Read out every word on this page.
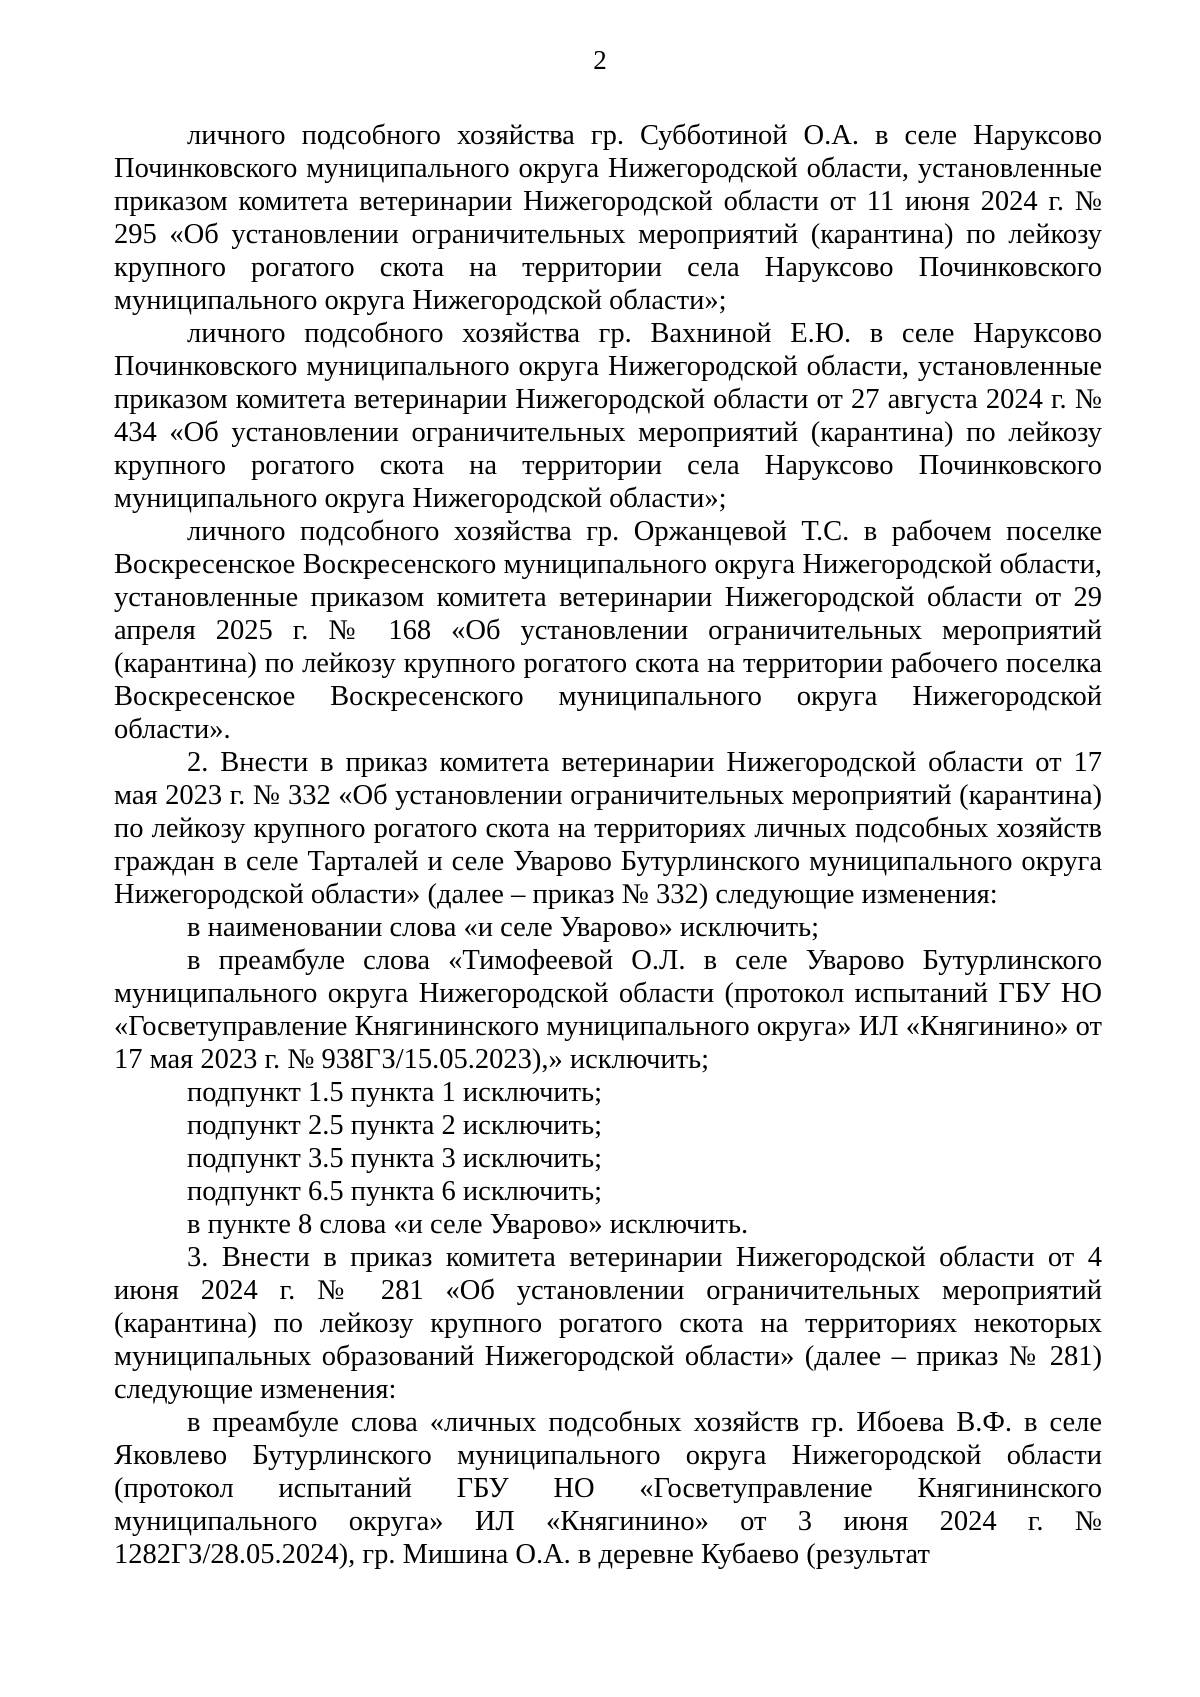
2

личного подсобного хозяйства гр. Субботиной О.А. в селе Наруксово Починковского муниципального округа Нижегородской области, установленные приказом комитета ветеринарии Нижегородской области от 11 июня 2024 г. № 295 «Об установлении ограничительных мероприятий (карантина) по лейкозу крупного рогатого скота на территории села Наруксово Починковского муниципального округа Нижегородской области»;

личного подсобного хозяйства гр. Вахниной Е.Ю. в селе Наруксово Починковского муниципального округа Нижегородской области, установленные приказом комитета ветеринарии Нижегородской области от 27 августа 2024 г. № 434 «Об установлении ограничительных мероприятий (карантина) по лейкозу крупного рогатого скота на территории села Наруксово Починковского муниципального округа Нижегородской области»;

личного подсобного хозяйства гр. Оржанцевой Т.С. в рабочем поселке Воскресенское Воскресенского муниципального округа Нижегородской области, установленные приказом комитета ветеринарии Нижегородской области от 29 апреля 2025 г. № 168 «Об установлении ограничительных мероприятий (карантина) по лейкозу крупного рогатого скота на территории рабочего поселка Воскресенское Воскресенского муниципального округа Нижегородской области».

2. Внести в приказ комитета ветеринарии Нижегородской области от 17 мая 2023 г. № 332 «Об установлении ограничительных мероприятий (карантина) по лейкозу крупного рогатого скота на территориях личных подсобных хозяйств граждан в селе Тарталей и селе Уварово Бутурлинского муниципального округа Нижегородской области» (далее – приказ № 332) следующие изменения:

в наименовании слова «и селе Уварово» исключить;

в преамбуле слова «Тимофеевой О.Л. в селе Уварово Бутурлинского муниципального округа Нижегородской области (протокол испытаний ГБУ НО «Госветуправление Княгининского муниципального округа» ИЛ «Княгинино» от 17 мая 2023 г. № 938ГЗ/15.05.2023),» исключить;

подпункт 1.5 пункта 1 исключить;

подпункт 2.5 пункта 2 исключить;

подпункт 3.5 пункта 3 исключить;

подпункт 6.5 пункта 6 исключить;

в пункте 8 слова «и селе Уварово» исключить.

3. Внести в приказ комитета ветеринарии Нижегородской области от 4 июня 2024 г. № 281 «Об установлении ограничительных мероприятий (карантина) по лейкозу крупного рогатого скота на территориях некоторых муниципальных образований Нижегородской области» (далее – приказ № 281) следующие изменения:

в преамбуле слова «личных подсобных хозяйств гр. Ибоева В.Ф. в селе Яковлево Бутурлинского муниципального округа Нижегородской области (протокол испытаний ГБУ НО «Госветуправление Княгининского муниципального округа» ИЛ «Княгинино» от 3 июня 2024 г. № 1282ГЗ/28.05.2024), гр. Мишина О.А. в деревне Кубаево (результат
